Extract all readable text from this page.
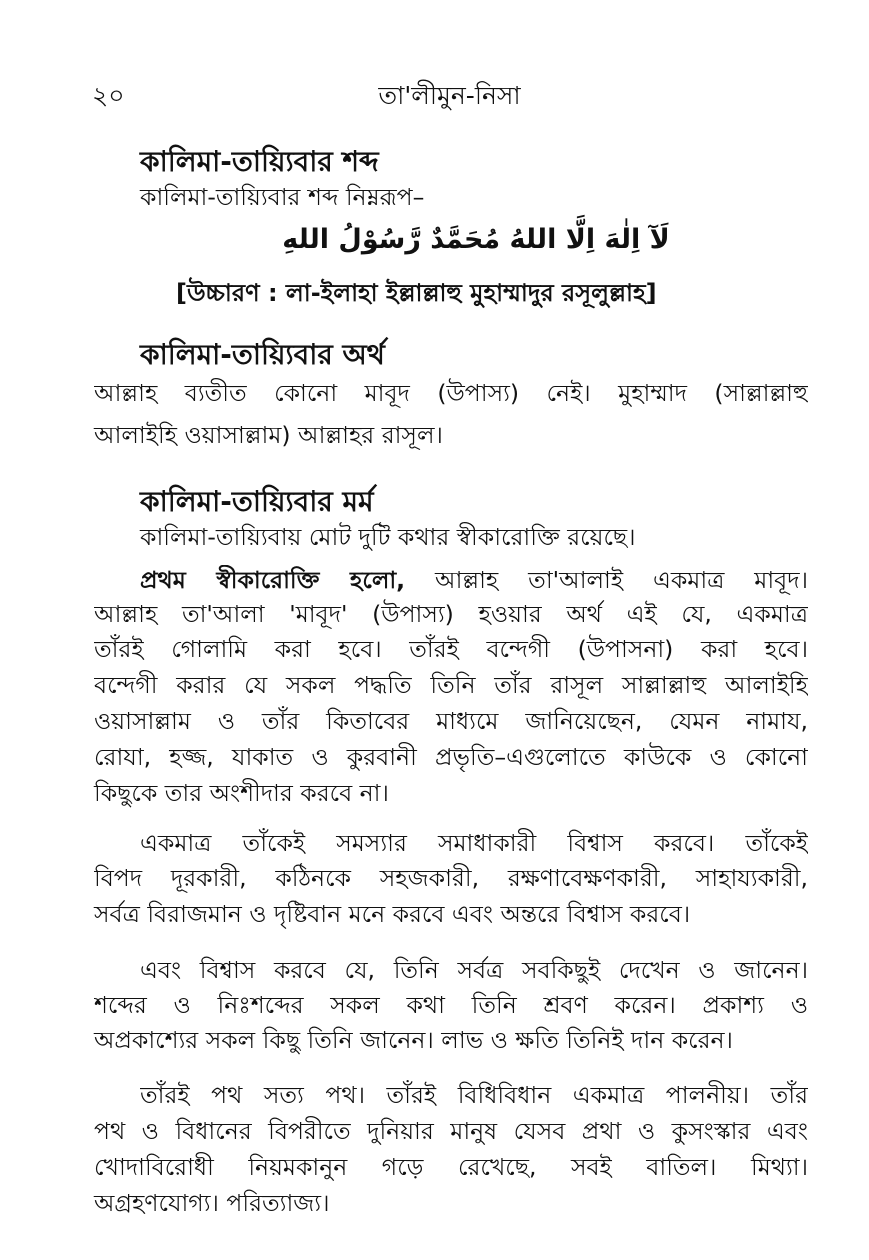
২০	তা'লীমুন-নিসা
কালিমা-তায়্যিবার শব্দ
কালিমা-তায়্যিবার শব্দ নিম্নরূপ–
لَآ اِلٰهَ اِلَّا اللهُ مُحَمَّدٌ رَّسُوْلُ اللهِ
[উচ্চারণ : লা-ইলাহা ইল্লাল্লাহু মুহাম্মাদুর রসূলুল্লাহ]
কালিমা-তায়্যিবার অর্থ
আল্লাহ ব্যতীত কোনো মাবূদ (উপাস্য) নেই। মুহাম্মাদ (সাল্লাল্লাহু
আলাইহি ওয়াসাল্লাম) আল্লাহর রাসূল।
কালিমা-তায়্যিবার মর্ম
কালিমা-তায়্যিবায় মোট দুটি কথার স্বীকারোক্তি রয়েছে।
প্রথম স্বীকারোক্তি হলো, আল্লাহ তা'আলাই একমাত্র মাবূদ।
আল্লাহ তা'আলা 'মাবূদ' (উপাস্য) হওয়ার অর্থ এই যে, একমাত্র
তাঁরই গোলামি করা হবে। তাঁরই বন্দেগী (উপাসনা) করা হবে।
বন্দেগী করার যে সকল পদ্ধতি তিনি তাঁর রাসূল সাল্লাল্লাহু আলাইহি
ওয়াসাল্লাম ও তাঁর কিতাবের মাধ্যমে জানিয়েছেন, যেমন নামায,
রোযা, হজ্জ, যাকাত ও কুরবানী প্রভৃতি–এগুলোতে কাউকে ও কোনো
কিছুকে তার অংশীদার করবে না।
একমাত্র তাঁকেই সমস্যার সমাধাকারী বিশ্বাস করবে। তাঁকেই
বিপদ দূরকারী, কঠিনকে সহজকারী, রক্ষণাবেক্ষণকারী, সাহায্যকারী,
সর্বত্র বিরাজমান ও দৃষ্টিবান মনে করবে এবং অন্তরে বিশ্বাস করবে।
এবং বিশ্বাস করবে যে, তিনি সর্বত্র সবকিছুই দেখেন ও জানেন।
শব্দের ও নিঃশব্দের সকল কথা তিনি শ্রবণ করেন। প্রকাশ্য ও
অপ্রকাশ্যের সকল কিছু তিনি জানেন। লাভ ও ক্ষতি তিনিই দান করেন।
তাঁরই পথ সত্য পথ। তাঁরই বিধিবিধান একমাত্র পালনীয়। তাঁর
পথ ও বিধানের বিপরীতে দুনিয়ার মানুষ যেসব প্রথা ও কুসংস্কার এবং
খোদাবিরোধী নিয়মকানুন গড়ে রেখেছে, সবই বাতিল। মিথ্যা।
অগ্রহণযোগ্য। পরিত্যাজ্য।
